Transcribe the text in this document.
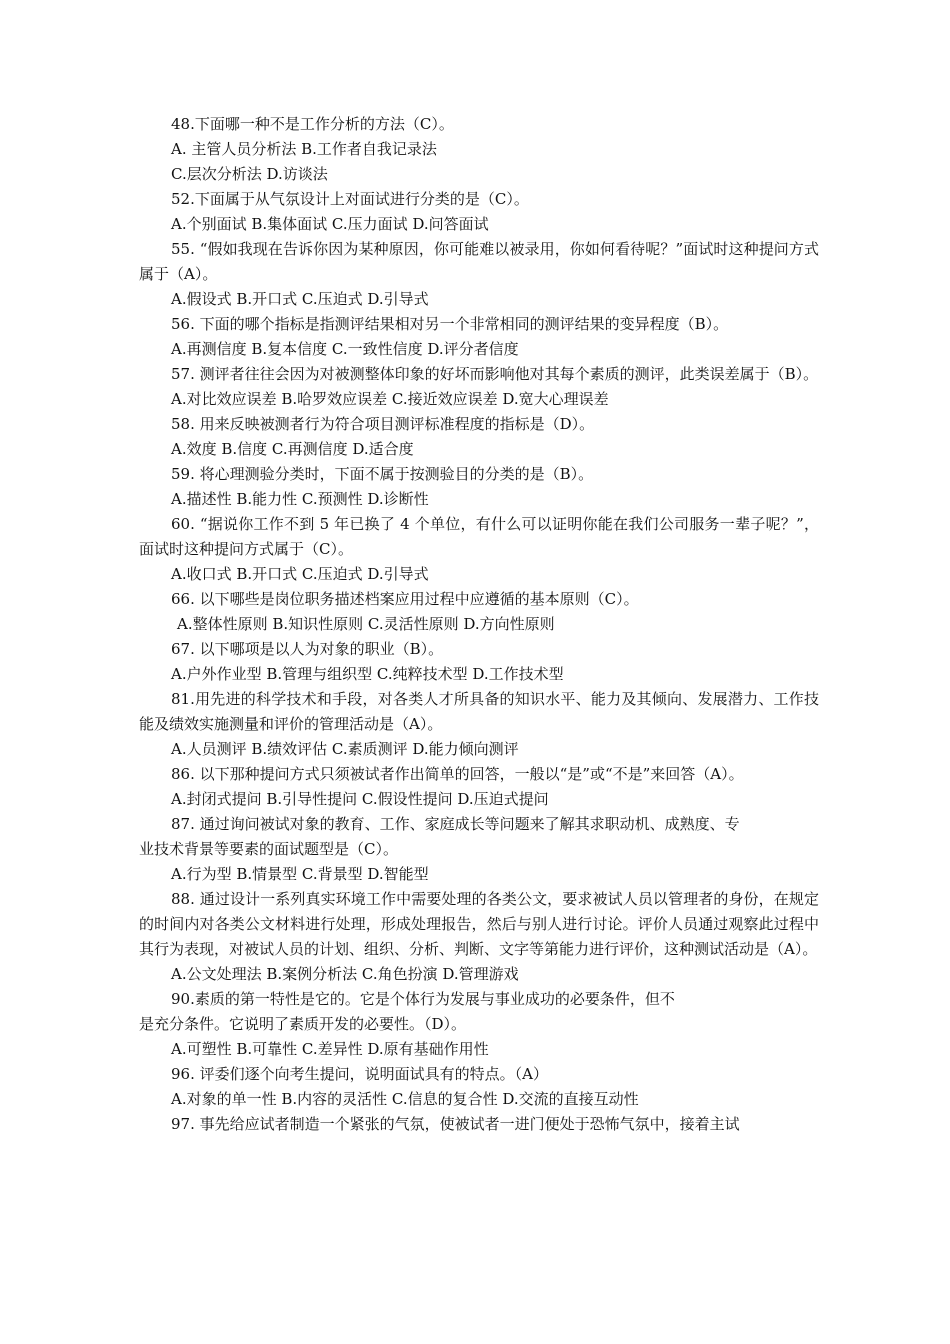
48.下面哪一种不是工作分析的方法（C）。

A. 主管人员分析法 B.工作者自我记录法

C.层次分析法 D.访谈法

52.下面属于从气氛设计上对面试进行分类的是（C）。

A.个别面试 B.集体面试 C.压力面试 D.问答面试

55. “假如我现在告诉你因为某种原因，你可能难以被录用，你如何看待呢？”面试时这种提问方式属于（A）。

A.假设式 B.开口式 C.压迫式 D.引导式

56. 下面的哪个指标是指测评结果相对另一个非常相同的测评结果的变异程度（B）。

A.再测信度 B.复本信度 C.一致性信度 D.评分者信度

57. 测评者往往会因为对被测整体印象的好坏而影响他对其每个素质的测评，此类误差属于（B）。

A.对比效应误差 B.哈罗效应误差 C.接近效应误差 D.宽大心理误差

58. 用来反映被测者行为符合项目测评标准程度的指标是（D）。

A.效度 B.信度 C.再测信度 D.适合度

59. 将心理测验分类时，下面不属于按测验目的分类的是（B）。

A.描述性 B.能力性 C.预测性 D.诊断性

60. “据说你工作不到 5 年已换了 4 个单位，有什么可以证明你能在我们公司服务一辈子呢？”，面试时这种提问方式属于（C）。

A.收口式 B.开口式 C.压迫式 D.引导式

66. 以下哪些是岗位职务描述档案应用过程中应遵循的基本原则（C）。

A.整体性原则 B.知识性原则 C.灵活性原则 D.方向性原则

67. 以下哪项是以人为对象的职业（B）。

A.户外作业型 B.管理与组织型 C.纯粹技术型 D.工作技术型

81.用先进的科学技术和手段，对各类人才所具备的知识水平、能力及其倾向、发展潜力、工作技能及绩效实施测量和评价的管理活动是（A）。

A.人员测评 B.绩效评估 C.素质测评 D.能力倾向测评

86. 以下那种提问方式只须被试者作出简单的回答，一般以“是”或“不是”来回答（A）。

A.封闭式提问 B.引导性提问 C.假设性提问 D.压迫式提问

87. 通过询问被试对象的教育、工作、家庭成长等问题来了解其求职动机、成熟度、专

业技术背景等要素的面试题型是（C）。

A.行为型 B.情景型 C.背景型 D.智能型

88. 通过设计一系列真实环境工作中需要处理的各类公文，要求被试人员以管理者的身份，在规定的时间内对各类公文材料进行处理，形成处理报告，然后与别人进行讨论。评价人员通过观察此过程中其行为表现，对被试人员的计划、组织、分析、判断、文字等第能力进行评价，这种测试活动是（A）。

A.公文处理法 B.案例分析法 C.角色扮演 D.管理游戏

90.素质的第一特性是它的。它是个体行为发展与事业成功的必要条件，但不

是充分条件。它说明了素质开发的必要性。（D）。

A.可塑性 B.可靠性 C.差异性 D.原有基础作用性

96. 评委们逐个向考生提问，说明面试具有的特点。（A）

A.对象的单一性 B.内容的灵活性 C.信息的复合性 D.交流的直接互动性

97. 事先给应试者制造一个紧张的气氛，使被试者一进门便处于恐怖气氛中，接着主试
